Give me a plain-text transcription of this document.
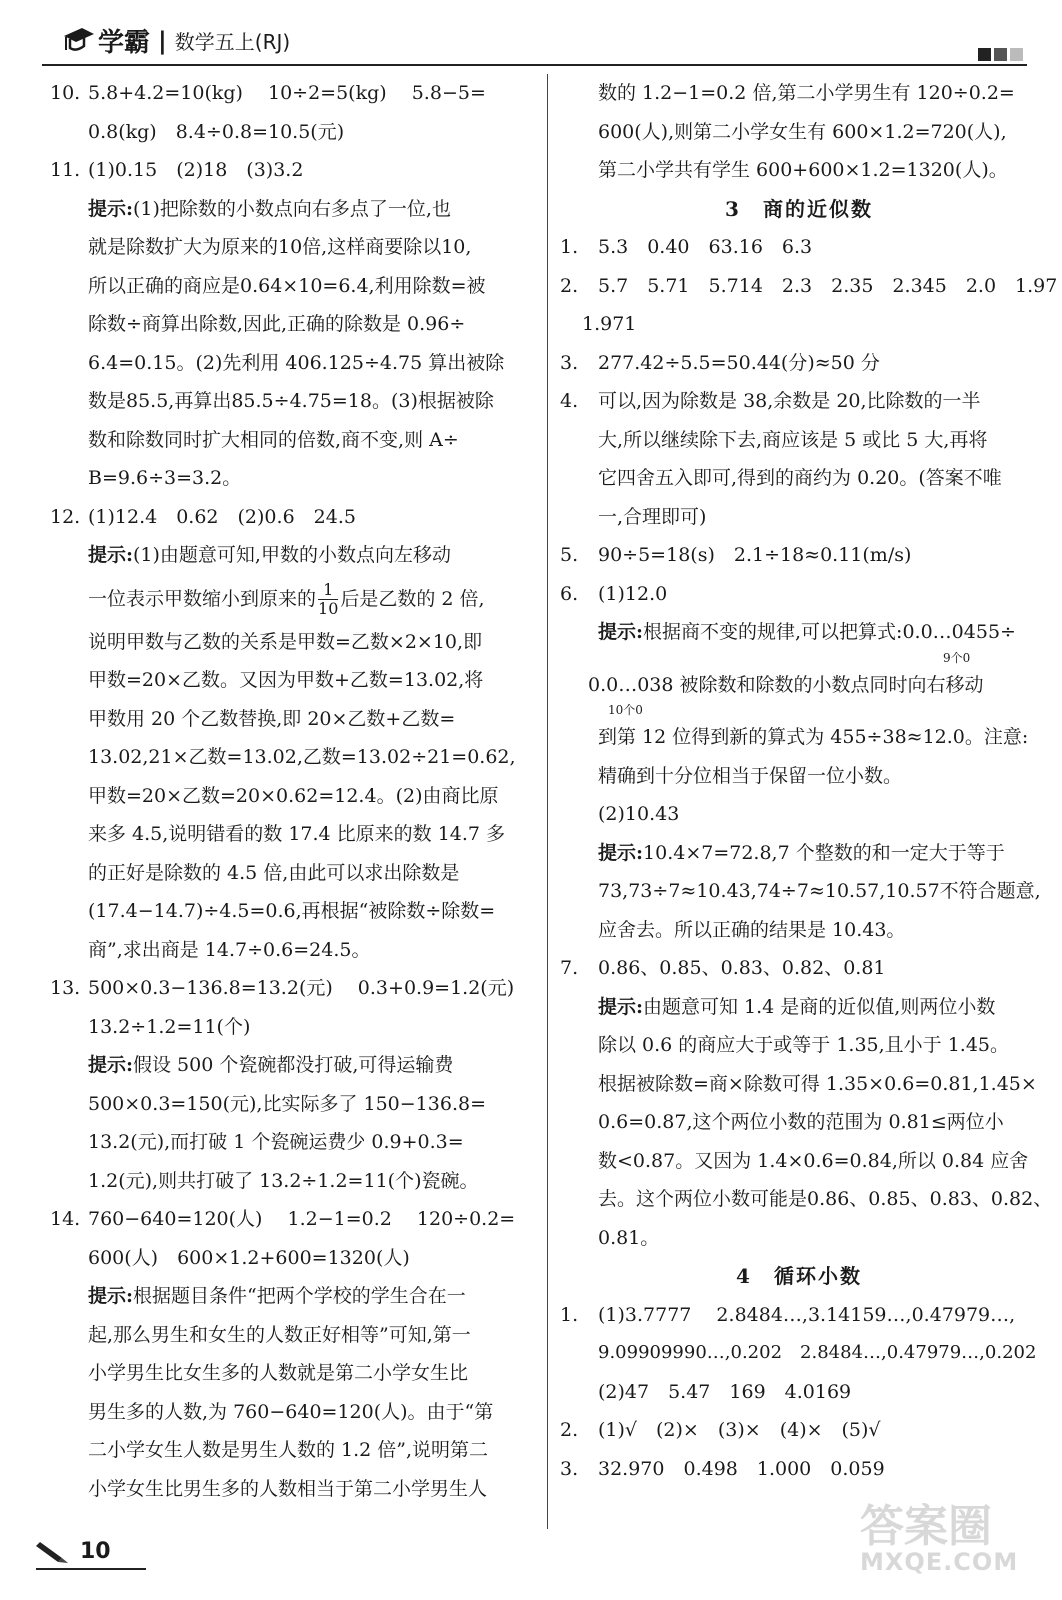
学霸 | 数学五上(RJ)
10. 5.8+4.2=10(kg)　 10÷2=5(kg)　 5.8−5=
0.8(kg)　8.4÷0.8=10.5(元)
11. (1)0.15　(2)18　(3)3.2
提示:(1)把除数的小数点向右多点了一位,也
就是除数扩大为原来的10倍,这样商要除以10,
所以正确的商应是0.64×10=6.4,利用除数=被
除数÷商算出除数,因此,正确的除数是 0.96÷
6.4=0.15。(2)先利用 406.125÷4.75 算出被除
数是85.5,再算出85.5÷4.75=18。(3)根据被除
数和除数同时扩大相同的倍数,商不变,则 A÷
B=9.6÷3=3.2。
12. (1)12.4　0.62　(2)0.6　24.5
提示:(1)由题意可知,甲数的小数点向左移动
一位表示甲数缩小到原来的 $\frac{1}{10}$ 后是乙数的 2 倍,
说明甲数与乙数的关系是甲数=乙数×2×10,即
甲数=20×乙数。又因为甲数+乙数=13.02,将
甲数用 20 个乙数替换,即 20×乙数+乙数=
13.02,21×乙数=13.02,乙数=13.02÷21=0.62,
甲数=20×乙数=20×0.62=12.4。(2)由商比原
来多 4.5,说明错看的数 17.4 比原来的数 14.7 多
的正好是除数的 4.5 倍,由此可以求出除数是
(17.4−14.7)÷4.5=0.6,再根据“被除数÷除数=
商”,求出商是 14.7÷0.6=24.5。
13. 500×0.3−136.8=13.2(元)　 0.3+0.9=1.2(元)
13.2÷1.2=11(个)
提示:假设 500 个瓷碗都没打破,可得运输费
500×0.3=150(元),比实际多了 150−136.8=
13.2(元),而打破 1 个瓷碗运费少 0.9+0.3=
1.2(元),则共打破了 13.2÷1.2=11(个)瓷碗。
14. 760−640=120(人)　 1.2−1=0.2　 120÷0.2=
600(人)　600×1.2+600=1320(人)
提示:根据题目条件“把两个学校的学生合在一
起,那么男生和女生的人数正好相等”可知,第一
小学男生比女生多的人数就是第二小学女生比
男生多的人数,为 760−640=120(人)。由于“第
二小学女生人数是男生人数的 1.2 倍”,说明第二
小学女生比男生多的人数相当于第二小学男生人
数的 1.2−1=0.2 倍,第二小学男生有 120÷0.2=
600(人),则第二小学女生有 600×1.2=720(人),
第二小学共有学生 600+600×1.2=1320(人)。
3　商的近似数
1.	5.3　0.40　63.16　6.3
2.	5.7　5.71　5.714　2.3　2.35　2.345　2.0　1.97
1.971
3.	277.42÷5.5=50.44(分)≈50 分
4.	可以,因为除数是 38,余数是 20,比除数的一半
大,所以继续除下去,商应该是 5 或比 5 大,再将
它四舍五入即可,得到的商约为 0.20。(答案不唯
一,合理即可)
5.	90÷5=18(s)　2.1÷18≈0.11(m/s)
6.	(1)12.0
提示:根据商不变的规律,可以把算式:0.0…0455÷
9个0
0.0…038 被除数和除数的小数点同时向右移动
10个0
到第 12 位得到新的算式为 455÷38≈12.0。注意:
精确到十分位相当于保留一位小数。
(2)10.43
提示:10.4×7=72.8,7 个整数的和一定大于等于
73,73÷7≈10.43,74÷7≈10.57,10.57不符合题意,
应舍去。所以正确的结果是 10.43。
7.	0.86、0.85、0.83、0.82、0.81
提示:由题意可知 1.4 是商的近似值,则两位小数
除以 0.6 的商应大于或等于 1.35,且小于 1.45。
根据被除数=商×除数可得 1.35×0.6=0.81,1.45×
0.6=0.87,这个两位小数的范围为 0.81≤两位小
数<0.87。又因为 1.4×0.6=0.84,所以 0.84 应舍
去。这个两位小数可能是0.86、0.85、0.83、0.82、
0.81。
4　循环小数
1.	(1)3.7777　 2.8484…,3.14159…,0.47979…,
9.09909990…,0.202　2.8484…,0.47979…,0.202
(2)47　5.47　169　4.0169
2.	(1)√　(2)×　(3)×　(4)×　(5)√
3.	32.970　0.498　1.000　0.059
10	答案圈
MXQE.COM
